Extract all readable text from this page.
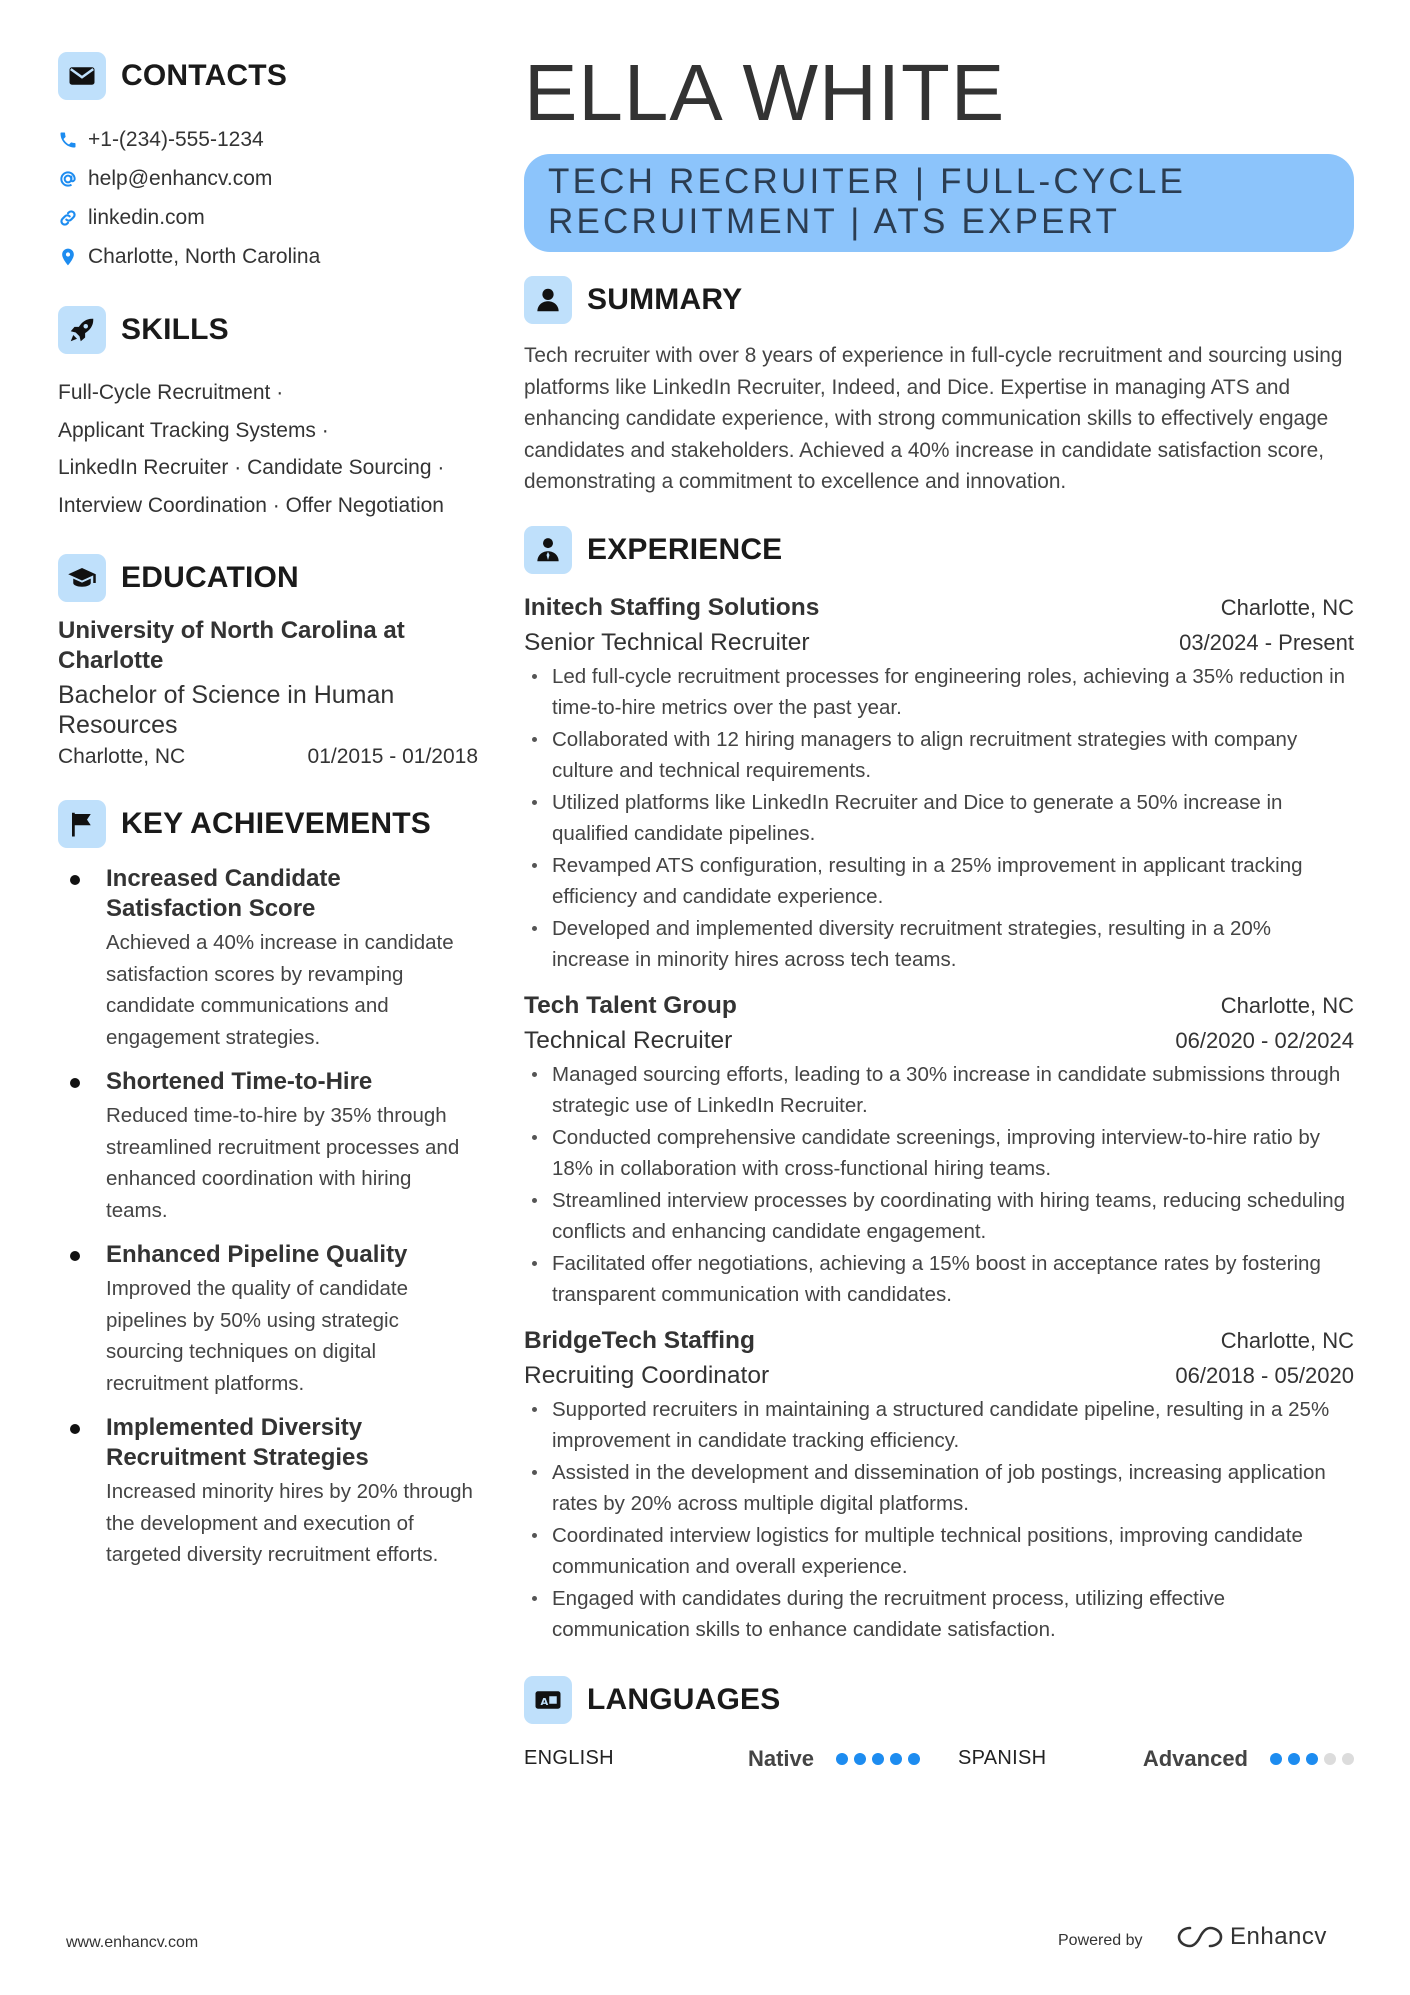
CONTACTS
+1-(234)-555-1234
help@enhancv.com
linkedin.com
Charlotte, North Carolina
SKILLS
Full-Cycle Recruitment ·
Applicant Tracking Systems ·
LinkedIn Recruiter · Candidate Sourcing ·
Interview Coordination · Offer Negotiation
EDUCATION
University of North Carolina at Charlotte
Bachelor of Science in Human Resources
Charlotte, NC	01/2015 - 01/2018
KEY ACHIEVEMENTS
Increased Candidate Satisfaction Score
Achieved a 40% increase in candidate satisfaction scores by revamping candidate communications and engagement strategies.
Shortened Time-to-Hire
Reduced time-to-hire by 35% through streamlined recruitment processes and enhanced coordination with hiring teams.
Enhanced Pipeline Quality
Improved the quality of candidate pipelines by 50% using strategic sourcing techniques on digital recruitment platforms.
Implemented Diversity Recruitment Strategies
Increased minority hires by 20% through the development and execution of targeted diversity recruitment efforts.
ELLA WHITE
TECH RECRUITER | FULL-CYCLE
RECRUITMENT | ATS EXPERT
SUMMARY
Tech recruiter with over 8 years of experience in full-cycle recruitment and sourcing using platforms like LinkedIn Recruiter, Indeed, and Dice. Expertise in managing ATS and enhancing candidate experience, with strong communication skills to effectively engage candidates and stakeholders. Achieved a 40% increase in candidate satisfaction score, demonstrating a commitment to excellence and innovation.
EXPERIENCE
Initech Staffing Solutions	Charlotte, NC
Senior Technical Recruiter	03/2024 - Present
Led full-cycle recruitment processes for engineering roles, achieving a 35% reduction in time-to-hire metrics over the past year.
Collaborated with 12 hiring managers to align recruitment strategies with company culture and technical requirements.
Utilized platforms like LinkedIn Recruiter and Dice to generate a 50% increase in qualified candidate pipelines.
Revamped ATS configuration, resulting in a 25% improvement in applicant tracking efficiency and candidate experience.
Developed and implemented diversity recruitment strategies, resulting in a 20% increase in minority hires across tech teams.
Tech Talent Group	Charlotte, NC
Technical Recruiter	06/2020 - 02/2024
Managed sourcing efforts, leading to a 30% increase in candidate submissions through strategic use of LinkedIn Recruiter.
Conducted comprehensive candidate screenings, improving interview-to-hire ratio by 18% in collaboration with cross-functional hiring teams.
Streamlined interview processes by coordinating with hiring teams, reducing scheduling conflicts and enhancing candidate engagement.
Facilitated offer negotiations, achieving a 15% boost in acceptance rates by fostering transparent communication with candidates.
BridgeTech Staffing	Charlotte, NC
Recruiting Coordinator	06/2018 - 05/2020
Supported recruiters in maintaining a structured candidate pipeline, resulting in a 25% improvement in candidate tracking efficiency.
Assisted in the development and dissemination of job postings, increasing application rates by 20% across multiple digital platforms.
Coordinated interview logistics for multiple technical positions, improving candidate communication and overall experience.
Engaged with candidates during the recruitment process, utilizing effective communication skills to enhance candidate satisfaction.
A LANGUAGES
ENGLISH	Native	SPANISH	Advanced
www.enhancv.com	Powered by	Enhancv
